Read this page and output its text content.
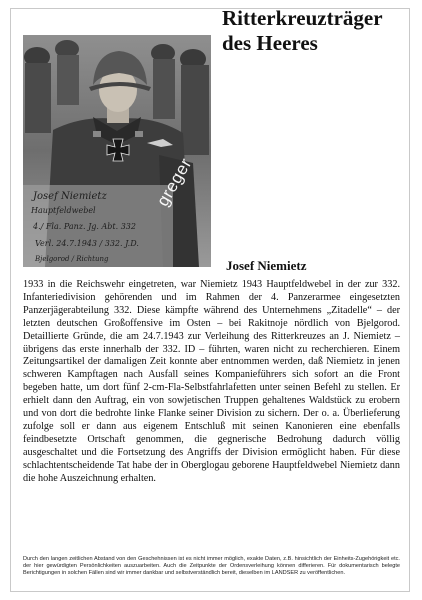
Josef Niemietz
Hauptfeldwebel
4./ Fla. Panz. Jg. Abt. 332
Verl. 24.7.1943 / 332. J.D.
Bjelgorod / Richtung
greger
Ritterkreuzträger des Heeres
Josef Niemietz

1933 in die Reichswehr eingetreten, war Niemietz 1943 Hauptfeldwebel in der zur 332. Infanteriedivision gehörenden und im Rahmen der 4. Panzerarmee eingesetzten Panzerjägerabteilung 332. Diese kämpfte während des Unternehmens „Zitadelle“ – der letzten deutschen Großoffensive im Osten – bei Rakitnoje nördlich von Bjelgorod. Detaillierte Gründe, die am 24.7.1943 zur Verleihung des Ritterkreuzes an J. Niemietz – übrigens das erste innerhalb der 332. ID – führten, waren nicht zu recherchieren. Einem Zeitungsartikel der damaligen Zeit konnte aber entnommen werden, daß Niemietz in jenen schweren Kampftagen nach Ausfall seines Kompanieführers sich sofort an die Front begeben hatte, um dort fünf 2-cm-Fla-Selbstfahrlafetten unter seinen Befehl zu stellen. Er erhielt dann den Auftrag, ein von sowjetischen Truppen gehaltenes Waldstück zu erobern und von dort die bedrohte linke Flanke seiner Division zu sichern. Der o. a. Überlieferung zufolge soll er dann aus eigenem Entschluß mit seinen Kanonieren eine ebenfalls feindbesetzte Ortschaft genommen, die gegnerische Bedrohung dadurch völlig ausgeschaltet und die Fortsetzung des Angriffs der Division ermöglicht haben. Für diese schlachtentscheidende Tat habe der in Oberglogau geborene Hauptfeldwebel Niemietz dann die hohe Auszeichnung erhalten.

Durch den langen zeitlichen Abstand von den Geschehnissen ist es nicht immer möglich, exakte Daten, z.B. hinsichtlich der Einheits-Zugehörigkeit etc. der hier gewürdigten Persönlichkeiten auszuarbeiten. Auch die Zeitpunkte der Ordensverleihung können differieren. Für dokumentarisch belegte Berichtigungen in solchen Fällen sind wir immer dankbar und selbstverständlich bereit, dieselben im LANDSER zu veröffentlichen.
